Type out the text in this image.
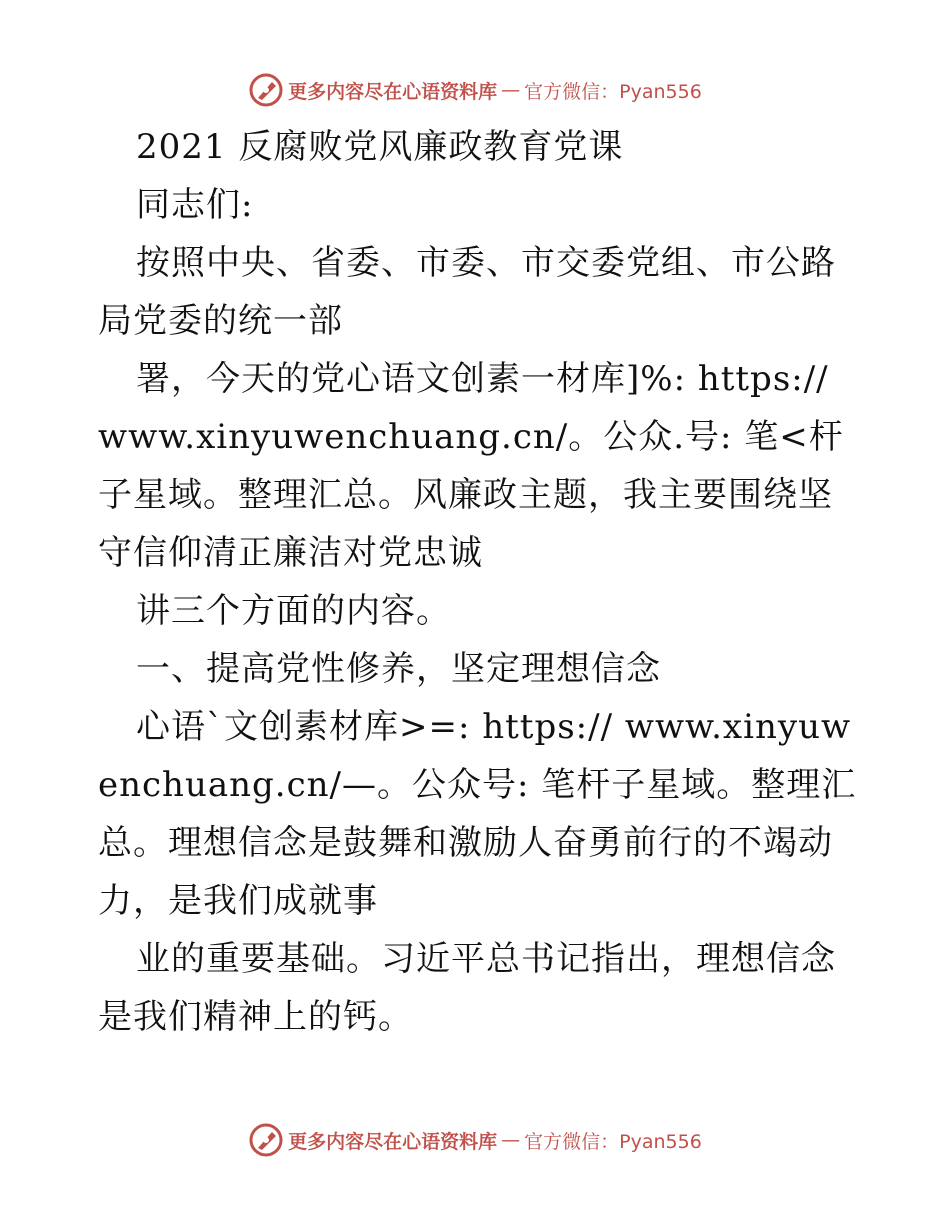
更多内容尽在心语资料库 — 官方微信：Pyan556

2021 反腐败党风廉政教育党课

同志们:

按照中央、省委、市委、市交委党组、市公路局党委的统一部

署，今天的党心语文创素一材库]%: https:// www.xinyuwenchuang.cn/。公众.号: 笔<杆子星域。整理汇总。风廉政主题，我主要围绕坚守信仰清正廉洁对党忠诚

讲三个方面的内容。

一、提高党性修养，坚定理想信念

心语`文创素材库>=: https:// www.xinyuwenchuang.cn/—。公众号: 笔杆子星域。整理汇总。理想信念是鼓舞和激励人奋勇前行的不竭动力，是我们成就事

业的重要基础。习近平总书记指出，理想信念是我们精神上的钙。

更多内容尽在心语资料库 — 官方微信：Pyan556
